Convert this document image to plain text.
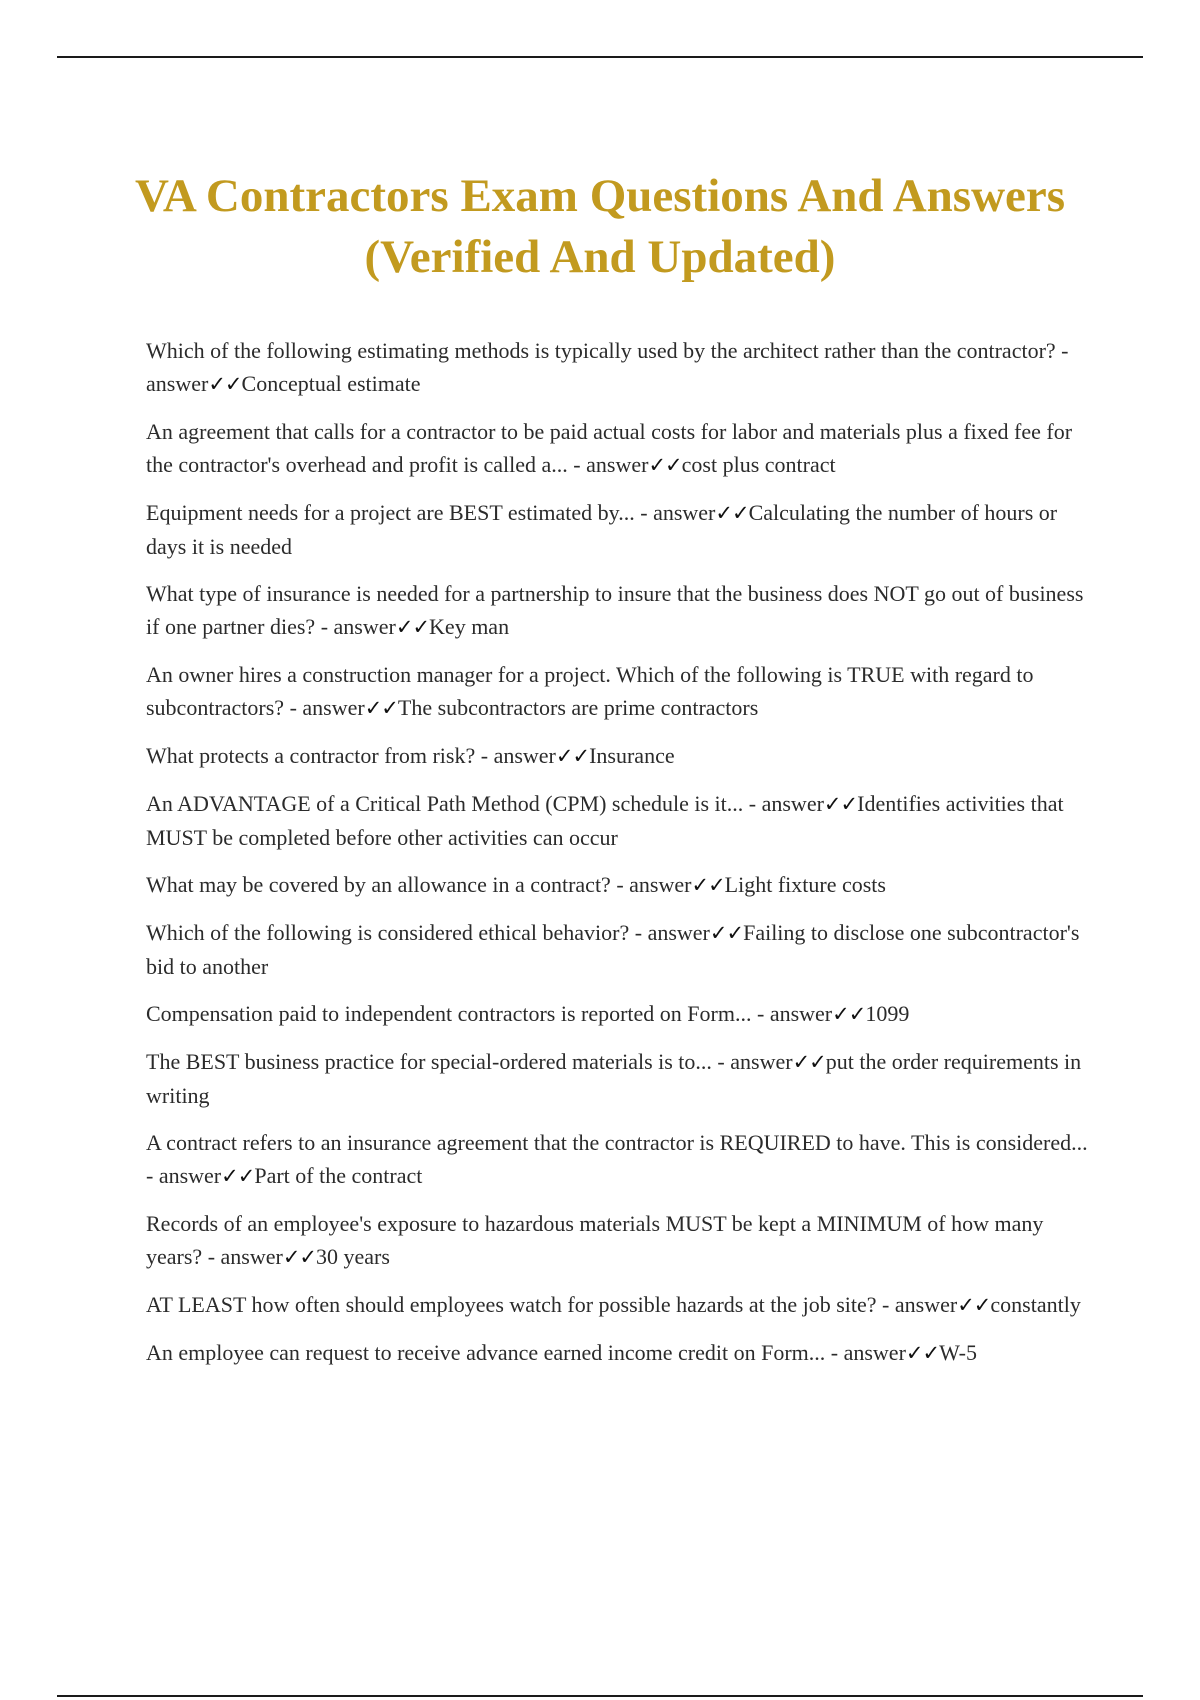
VA Contractors Exam Questions And Answers (Verified And Updated)
Which of the following estimating methods is typically used by the architect rather than the contractor? - answer✓✓Conceptual estimate
An agreement that calls for a contractor to be paid actual costs for labor and materials plus a fixed fee for the contractor's overhead and profit is called a... - answer✓✓cost plus contract
Equipment needs for a project are BEST estimated by... - answer✓✓Calculating the number of hours or days it is needed
What type of insurance is needed for a partnership to insure that the business does NOT go out of business if one partner dies? - answer✓✓Key man
An owner hires a construction manager for a project. Which of the following is TRUE with regard to subcontractors? - answer✓✓The subcontractors are prime contractors
What protects a contractor from risk? - answer✓✓Insurance
An ADVANTAGE of a Critical Path Method (CPM) schedule is it... - answer✓✓Identifies activities that MUST be completed before other activities can occur
What may be covered by an allowance in a contract? - answer✓✓Light fixture costs
Which of the following is considered ethical behavior? - answer✓✓Failing to disclose one subcontractor's bid to another
Compensation paid to independent contractors is reported on Form... - answer✓✓1099
The BEST business practice for special-ordered materials is to... - answer✓✓put the order requirements in writing
A contract refers to an insurance agreement that the contractor is REQUIRED to have. This is considered... - answer✓✓Part of the contract
Records of an employee's exposure to hazardous materials MUST be kept a MINIMUM of how many years? - answer✓✓30 years
AT LEAST how often should employees watch for possible hazards at the job site? - answer✓✓constantly
An employee can request to receive advance earned income credit on Form... - answer✓✓W-5
